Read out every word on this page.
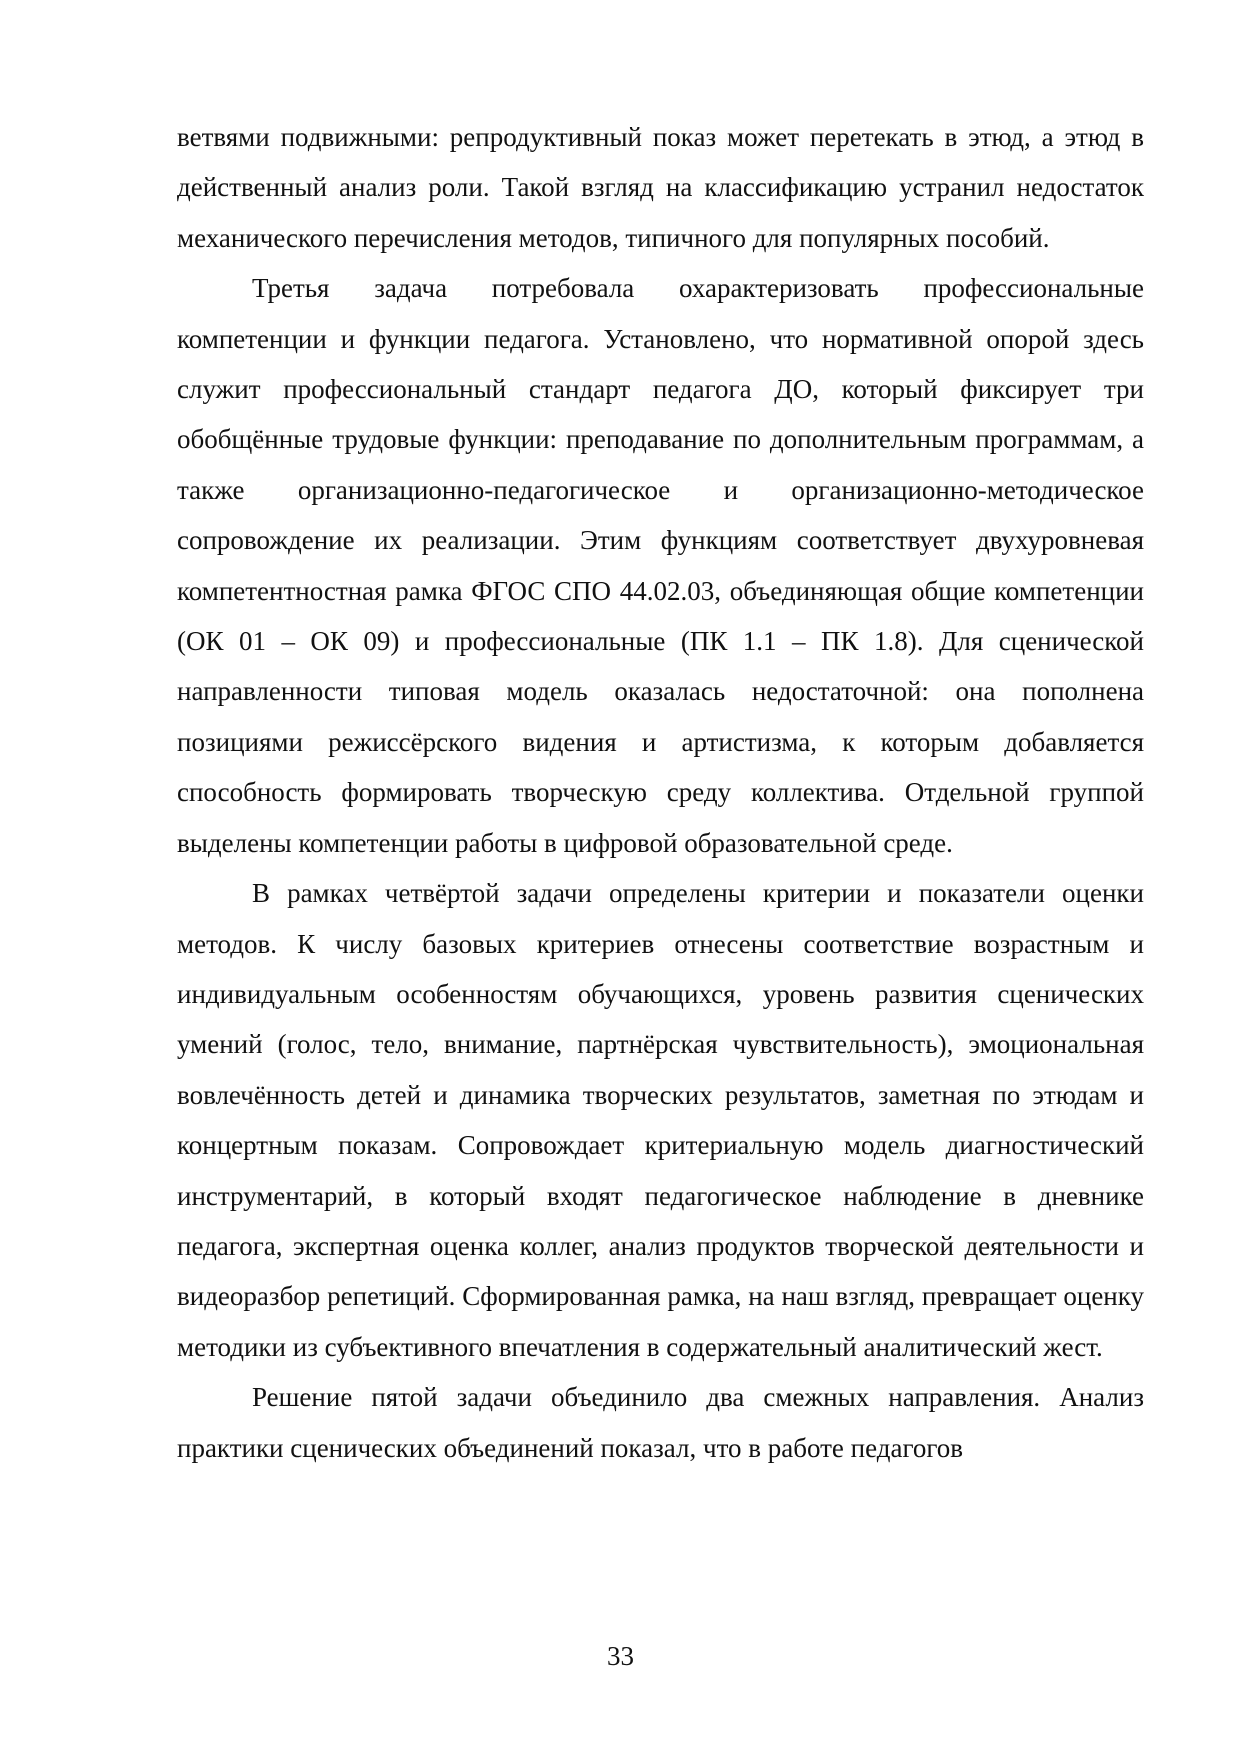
ветвями подвижными: репродуктивный показ может перетекать в этюд, а этюд в действенный анализ роли. Такой взгляд на классификацию устранил недостаток механического перечисления методов, типичного для популярных пособий.

Третья задача потребовала охарактеризовать профессиональные компетенции и функции педагога. Установлено, что нормативной опорой здесь служит профессиональный стандарт педагога ДО, который фиксирует три обобщённые трудовые функции: преподавание по дополнительным программам, а также организационно-педагогическое и организационно-методическое сопровождение их реализации. Этим функциям соответствует двухуровневая компетентностная рамка ФГОС СПО 44.02.03, объединяющая общие компетенции (ОК 01 – ОК 09) и профессиональные (ПК 1.1 – ПК 1.8). Для сценической направленности типовая модель оказалась недостаточной: она пополнена позициями режиссёрского видения и артистизма, к которым добавляется способность формировать творческую среду коллектива. Отдельной группой выделены компетенции работы в цифровой образовательной среде.

В рамках четвёртой задачи определены критерии и показатели оценки методов. К числу базовых критериев отнесены соответствие возрастным и индивидуальным особенностям обучающихся, уровень развития сценических умений (голос, тело, внимание, партнёрская чувствительность), эмоциональная вовлечённость детей и динамика творческих результатов, заметная по этюдам и концертным показам. Сопровождает критериальную модель диагностический инструментарий, в который входят педагогическое наблюдение в дневнике педагога, экспертная оценка коллег, анализ продуктов творческой деятельности и видеоразбор репетиций. Сформированная рамка, на наш взгляд, превращает оценку методики из субъективного впечатления в содержательный аналитический жест.

Решение пятой задачи объединило два смежных направления. Анализ практики сценических объединений показал, что в работе педагогов

33
